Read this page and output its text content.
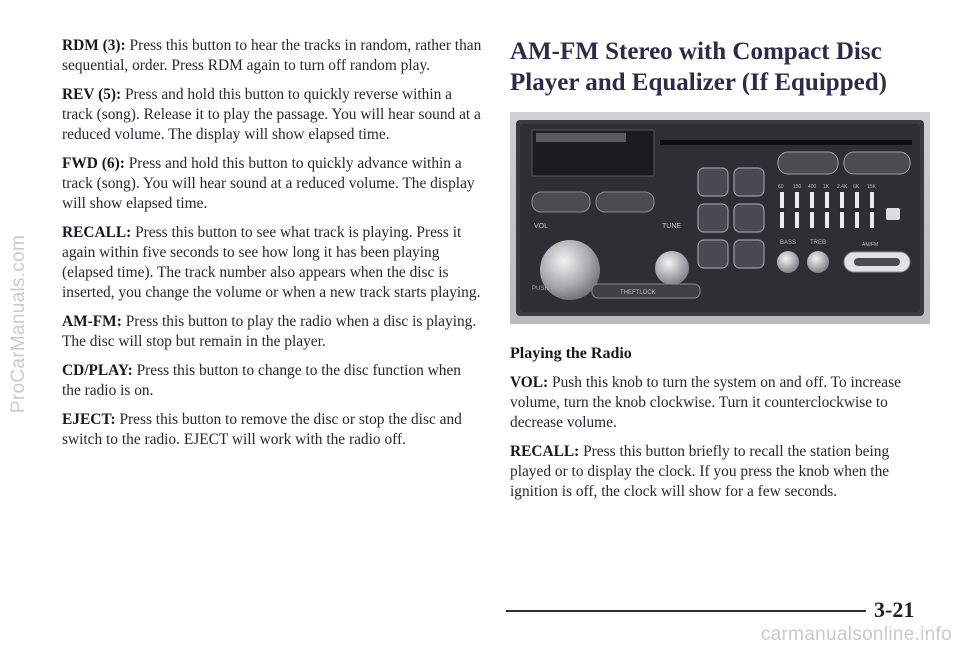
ProCarManuals.com

RDM (3): Press this button to hear the tracks in random, rather than sequential, order. Press RDM again to turn off random play.

REV (5): Press and hold this button to quickly reverse within a track (song). Release it to play the passage. You will hear sound at a reduced volume. The display will show elapsed time.

FWD (6): Press and hold this button to quickly advance within a track (song). You will hear sound at a reduced volume. The display will show elapsed time.

RECALL: Press this button to see what track is playing. Press it again within five seconds to see how long it has been playing (elapsed time). The track number also appears when the disc is inserted, you change the volume or when a new track starts playing.

AM-FM: Press this button to play the radio when a disc is playing. The disc will stop but remain in the player.

CD/PLAY: Press this button to change to the disc function when the radio is on.

EJECT: Press this button to remove the disc or stop the disc and switch to the radio. EJECT will work with the radio off.

AM-FM Stereo with Compact Disc Player and Equalizer (If Equipped)
VOL
PUSH PWR
TUNE
THEFTLOCK
60 150 400 1K 2.4K 6K 15K
BASS TREB	AM/FM
Playing the Radio

VOL: Push this knob to turn the system on and off. To increase volume, turn the knob clockwise. Turn it counterclockwise to decrease volume.

RECALL: Press this button briefly to recall the station being played or to display the clock. If you press the knob when the ignition is off, the clock will show for a few seconds.

3-21
carmanualsonline.info
